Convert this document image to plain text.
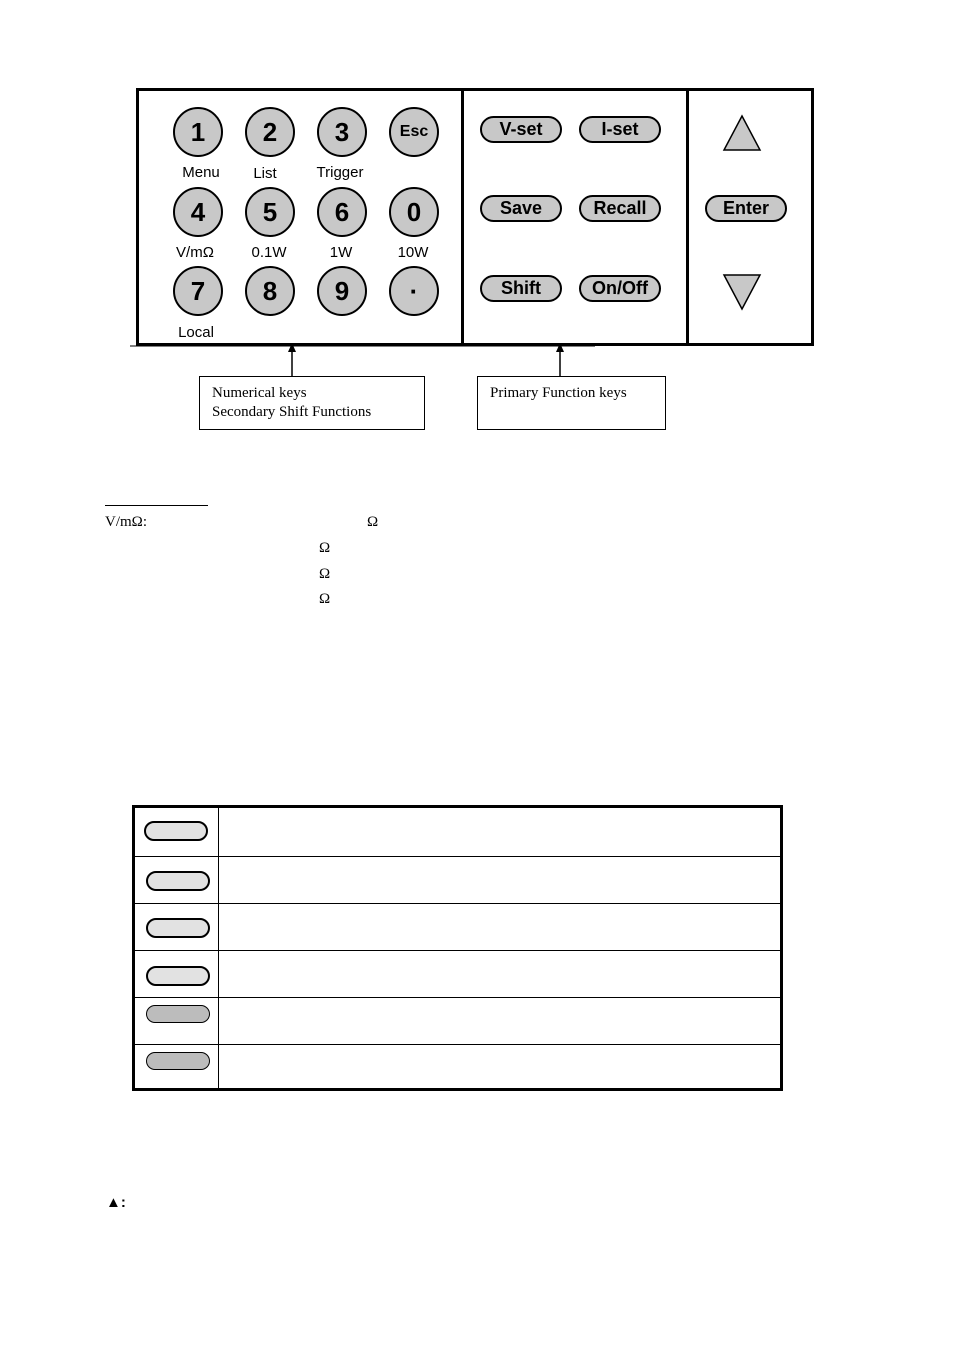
1	2	3	Esc
Menu	List	Trigger
4	5	6	0
V/mΩ	0.1W	1W	10W
7	8	9	·
Local
V-set	I-set
Save	Recall
Shift	On/Off
Enter
Numerical keys
Secondary Shift Functions
Primary Function keys
V/mΩ:	Ω
Ω
Ω
Ω
▲:
